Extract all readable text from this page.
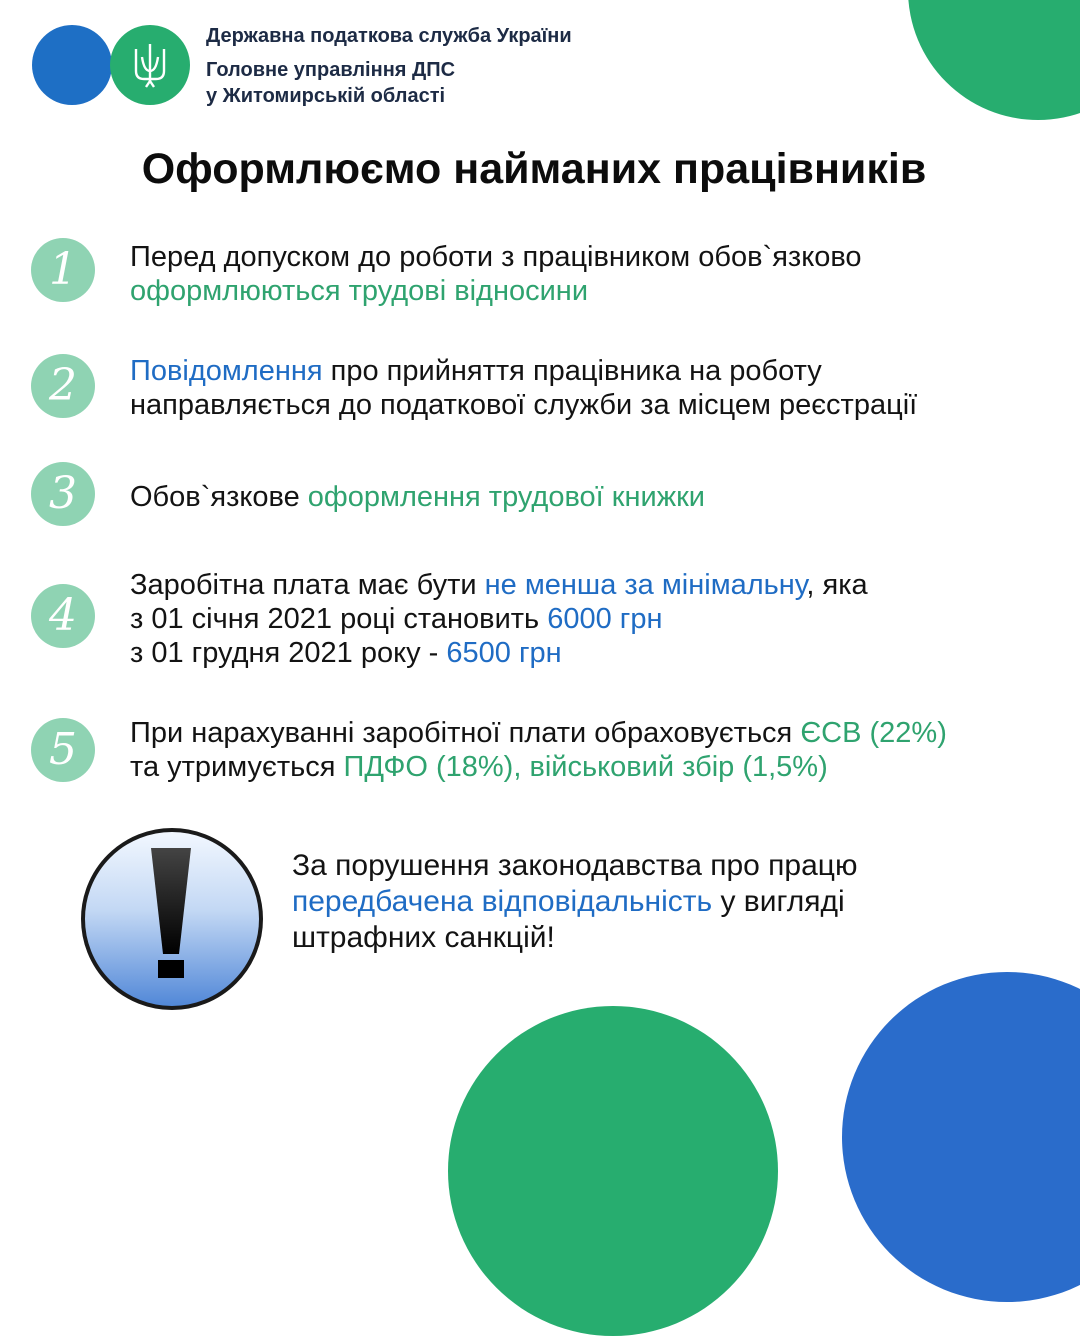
Державна податкова служба України
Головне управління ДПС
у Житомирській області
Оформлюємо найманих працівників
1	Перед допуском до роботи з працівником обов`язково
оформлюються трудові відносини
2	Повідомлення про прийняття працівника на роботу
направляється до податкової служби за місцем реєстрації
3	Обов`язкове оформлення трудової книжки
4
Заробітна плата має бути не менша за мінімальну, яка
з 01 січня 2021 році становить 6000 грн
з 01 грудня 2021 року - 6500 грн
5	При нарахуванні заробітної плати обраховується ЄСВ (22%)
та утримується ПДФО (18%), військовий збір (1,5%)
За порушення законодавства про працю
передбачена відповідальність у вигляді
штрафних санкцій!
